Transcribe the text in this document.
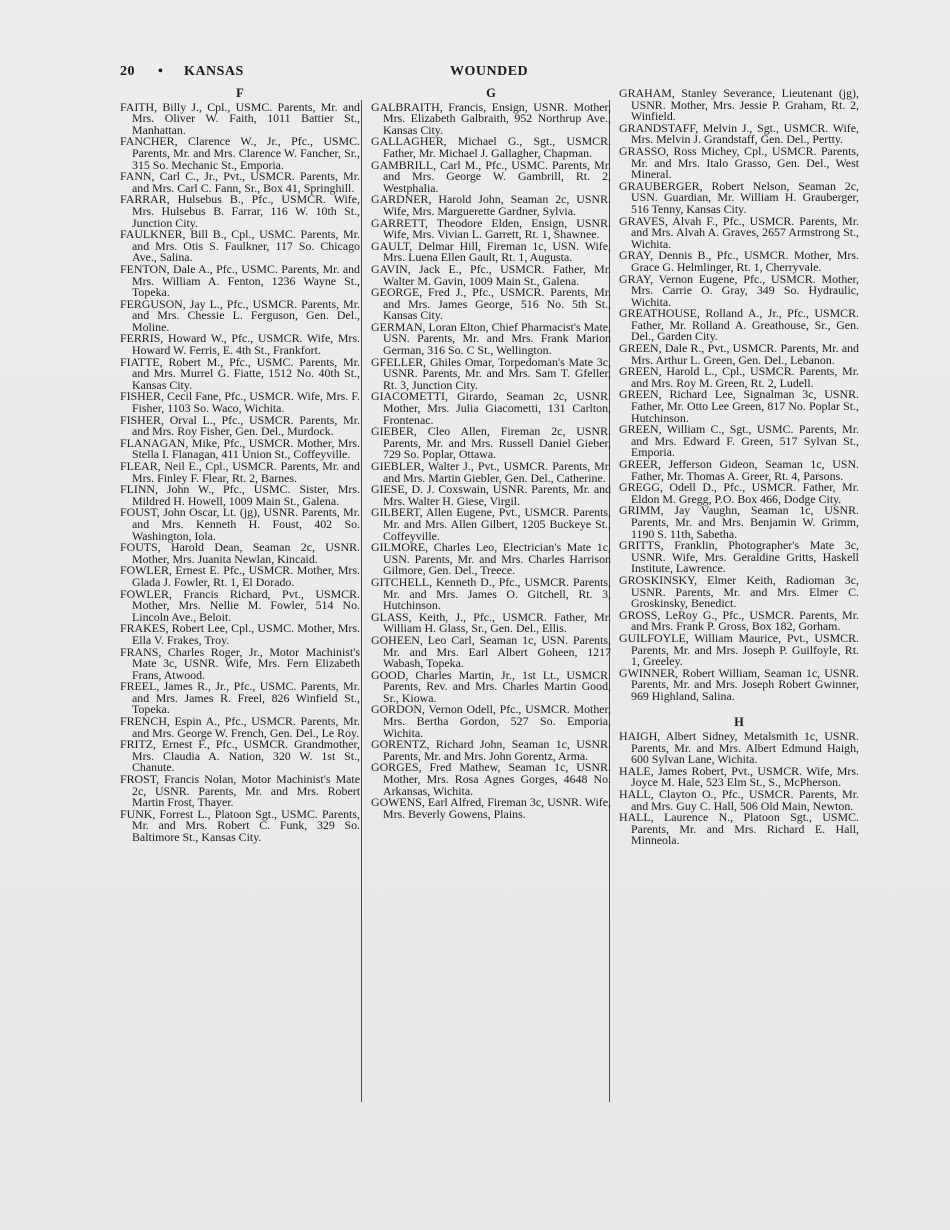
20 • KANSAS	WOUNDED
F

FAITH, Billy J., Cpl., USMC. Parents, Mr. and Mrs. Oliver W. Faith, 1011 Battier St., Manhattan.

FANCHER, Clarence W., Jr., Pfc., USMC. Parents, Mr. and Mrs. Clarence W. Fancher, Sr., 315 So. Mechanic St., Emporia.

FANN, Carl C., Jr., Pvt., USMCR. Parents, Mr. and Mrs. Carl C. Fann, Sr., Box 41, Springhill.

FARRAR, Hulsebus B., Pfc., USMCR. Wife, Mrs. Hulsebus B. Farrar, 116 W. 10th St., Junction City.

FAULKNER, Bill B., Cpl., USMC. Parents, Mr. and Mrs. Otis S. Faulkner, 117 So. Chicago Ave., Salina.

FENTON, Dale A., Pfc., USMC. Parents, Mr. and Mrs. William A. Fenton, 1236 Wayne St., Topeka.

FERGUSON, Jay L., Pfc., USMCR. Parents, Mr. and Mrs. Chessie L. Ferguson, Gen. Del., Moline.

FERRIS, Howard W., Pfc., USMCR. Wife, Mrs. Howard W. Ferris, E. 4th St., Frankfort.

FIATTE, Robert M., Pfc., USMC. Parents, Mr. and Mrs. Murrel G. Fiatte, 1512 No. 40th St., Kansas City.

FISHER, Cecil Fane, Pfc., USMCR. Wife, Mrs. F. Fisher, 1103 So. Waco, Wichita.

FISHER, Orval L., Pfc., USMCR. Parents, Mr. and Mrs. Roy Fisher, Gen. Del., Murdock.

FLANAGAN, Mike, Pfc., USMCR. Mother, Mrs. Stella I. Flanagan, 411 Union St., Coffeyville.

FLEAR, Neil E., Cpl., USMCR. Parents, Mr. and Mrs. Finley F. Flear, Rt. 2, Barnes.

FLINN, John W., Pfc., USMC. Sister, Mrs. Mildred H. Howell, 1009 Main St., Galena.

FOUST, John Oscar, Lt. (jg), USNR. Parents, Mr. and Mrs. Kenneth H. Foust, 402 So. Washington, Iola.

FOUTS, Harold Dean, Seaman 2c, USNR. Mother, Mrs. Juanita Newlan, Kincaid.

FOWLER, Ernest E. Pfc., USMCR. Mother, Mrs. Glada J. Fowler, Rt. 1, El Dorado.

FOWLER, Francis Richard, Pvt., USMCR. Mother, Mrs. Nellie M. Fowler, 514 No. Lincoln Ave., Beloit.

FRAKES, Robert Lee, Cpl., USMC. Mother, Mrs. Ella V. Frakes, Troy.

FRANS, Charles Roger, Jr., Motor Machinist's Mate 3c, USNR. Wife, Mrs. Fern Elizabeth Frans, Atwood.

FREEL, James R., Jr., Pfc., USMC. Parents, Mr. and Mrs. James R. Freel, 826 Winfield St., Topeka.

FRENCH, Espin A., Pfc., USMCR. Parents, Mr. and Mrs. George W. French, Gen. Del., Le Roy.

FRITZ, Ernest F., Pfc., USMCR. Grandmother, Mrs. Claudia A. Nation, 320 W. 1st St., Chanute.

FROST, Francis Nolan, Motor Machinist's Mate 2c, USNR. Parents, Mr. and Mrs. Robert Martin Frost, Thayer.

FUNK, Forrest L., Platoon Sgt., USMC. Parents, Mr. and Mrs. Robert C. Funk, 329 So. Baltimore St., Kansas City.

G

GALBRAITH, Francis, Ensign, USNR. Mother, Mrs. Elizabeth Galbraith, 952 Northrup Ave., Kansas City.

GALLAGHER, Michael G., Sgt., USMCR. Father, Mr. Michael J. Gallagher, Chapman.

GAMBRILL, Carl M., Pfc., USMC. Parents, Mr. and Mrs. George W. Gambrill, Rt. 2, Westphalia.

GARDNER, Harold John, Seaman 2c, USNR. Wife, Mrs. Marguerette Gardner, Sylvia.

GARRETT, Theodore Elden, Ensign, USNR. Wife, Mrs. Vivian L. Garrett, Rt. 1, Shawnee.

GAULT, Delmar Hill, Fireman 1c, USN. Wife, Mrs. Luena Ellen Gault, Rt. 1, Augusta.

GAVIN, Jack E., Pfc., USMCR. Father, Mr. Walter M. Gavin, 1009 Main St., Galena.

GEORGE, Fred J., Pfc., USMCR. Parents, Mr. and Mrs. James George, 516 No. 5th St., Kansas City.

GERMAN, Loran Elton, Chief Pharmacist's Mate, USN. Parents, Mr. and Mrs. Frank Marion German, 316 So. C St., Wellington.

GFELLER, Ghiles Omar, Torpedoman's Mate 3c, USNR. Parents, Mr. and Mrs. Sam T. Gfeller, Rt. 3, Junction City.

GIACOMETTI, Girardo, Seaman 2c, USNR. Mother, Mrs. Julia Giacometti, 131 Carlton, Frontenac.

GIEBER, Cleo Allen, Fireman 2c, USNR. Parents, Mr. and Mrs. Russell Daniel Gieber, 729 So. Poplar, Ottawa.

GIEBLER, Walter J., Pvt., USMCR. Parents, Mr. and Mrs. Martin Giebler, Gen. Del., Catherine.

GIESE, D. J. Coxswain, USNR. Parents, Mr. and Mrs. Walter H. Giese, Virgil.

GILBERT, Allen Eugene, Pvt., USMCR. Parents, Mr. and Mrs. Allen Gilbert, 1205 Buckeye St., Coffeyville.

GILMORE, Charles Leo, Electrician's Mate 1c, USN. Parents, Mr. and Mrs. Charles Harrison Gilmore, Gen. Del., Treece.

GITCHELL, Kenneth D., Pfc., USMCR. Parents, Mr. and Mrs. James O. Gitchell, Rt. 3, Hutchinson.

GLASS, Keith, J., Pfc., USMCR. Father, Mr. William H. Glass, Sr., Gen. Del., Ellis.

GOHEEN, Leo Carl, Seaman 1c, USN. Parents, Mr. and Mrs. Earl Albert Goheen, 1217 Wabash, Topeka.

GOOD, Charles Martin, Jr., 1st Lt., USMCR. Parents, Rev. and Mrs. Charles Martin Good, Sr., Kiowa.

GORDON, Vernon Odell, Pfc., USMCR. Mother, Mrs. Bertha Gordon, 527 So. Emporia, Wichita.

GORENTZ, Richard John, Seaman 1c, USNR. Parents, Mr. and Mrs. John Gorentz, Arma.

GORGES, Fred Mathew, Seaman 1c, USNR. Mother, Mrs. Rosa Agnes Gorges, 4648 No. Arkansas, Wichita.

GOWENS, Earl Alfred, Fireman 3c, USNR. Wife, Mrs. Beverly Gowens, Plains.

GRAHAM, Stanley Severance, Lieutenant (jg), USNR. Mother, Mrs. Jessie P. Graham, Rt. 2, Winfield.

GRANDSTAFF, Melvin J., Sgt., USMCR. Wife, Mrs. Melvin J. Grandstaff, Gen. Del., Pertty.

GRASSO, Ross Michey, Cpl., USMCR. Parents, Mr. and Mrs. Italo Grasso, Gen. Del., West Mineral.

GRAUBERGER, Robert Nelson, Seaman 2c, USN. Guardian, Mr. William H. Grauberger, 516 Tenny, Kansas City.

GRAVES, Alvah F., Pfc., USMCR. Parents, Mr. and Mrs. Alvah A. Graves, 2657 Armstrong St., Wichita.

GRAY, Dennis B., Pfc., USMCR. Mother, Mrs. Grace G. Helmlinger, Rt. 1, Cherryvale.

GRAY, Vernon Eugene, Pfc., USMCR. Mother, Mrs. Carrie O. Gray, 349 So. Hydraulic, Wichita.

GREATHOUSE, Rolland A., Jr., Pfc., USMCR. Father, Mr. Rolland A. Greathouse, Sr., Gen. Del., Garden City.

GREEN, Dale R., Pvt., USMCR. Parents, Mr. and Mrs. Arthur L. Green, Gen. Del., Lebanon.

GREEN, Harold L., Cpl., USMCR. Parents, Mr. and Mrs. Roy M. Green, Rt. 2, Ludell.

GREEN, Richard Lee, Signalman 3c, USNR. Father, Mr. Otto Lee Green, 817 No. Poplar St., Hutchinson.

GREEN, William C., Sgt., USMC. Parents, Mr. and Mrs. Edward F. Green, 517 Sylvan St., Emporia.

GREER, Jefferson Gideon, Seaman 1c, USN. Father, Mr. Thomas A. Greer, Rt. 4, Parsons.

GREGG, Odell D., Pfc., USMCR. Father, Mr. Eldon M. Gregg, P.O. Box 466, Dodge City.

GRIMM, Jay Vaughn, Seaman 1c, USNR. Parents, Mr. and Mrs. Benjamin W. Grimm, 1190 S. 11th, Sabetha.

GRITTS, Franklin, Photographer's Mate 3c, USNR. Wife, Mrs. Geraldine Gritts, Haskell Institute, Lawrence.

GROSKINSKY, Elmer Keith, Radioman 3c, USNR. Parents, Mr. and Mrs. Elmer C. Groskinsky, Benedict.

GROSS, LeRoy G., Pfc., USMCR. Parents, Mr. and Mrs. Frank P. Gross, Box 182, Gorham.

GUILFOYLE, William Maurice, Pvt., USMCR. Parents, Mr. and Mrs. Joseph P. Guilfoyle, Rt. 1, Greeley.

GWINNER, Robert William, Seaman 1c, USNR. Parents, Mr. and Mrs. Joseph Robert Gwinner, 969 Highland, Salina.

H

HAIGH, Albert Sidney, Metalsmith 1c, USNR. Parents, Mr. and Mrs. Albert Edmund Haigh, 600 Sylvan Lane, Wichita.

HALE, James Robert, Pvt., USMCR. Wife, Mrs. Joyce M. Hale, 523 Elm St., S., McPherson.

HALL, Clayton O., Pfc., USMCR. Parents, Mr. and Mrs. Guy C. Hall, 506 Old Main, Newton.

HALL, Laurence N., Platoon Sgt., USMC. Parents, Mr. and Mrs. Richard E. Hall, Minneola.
